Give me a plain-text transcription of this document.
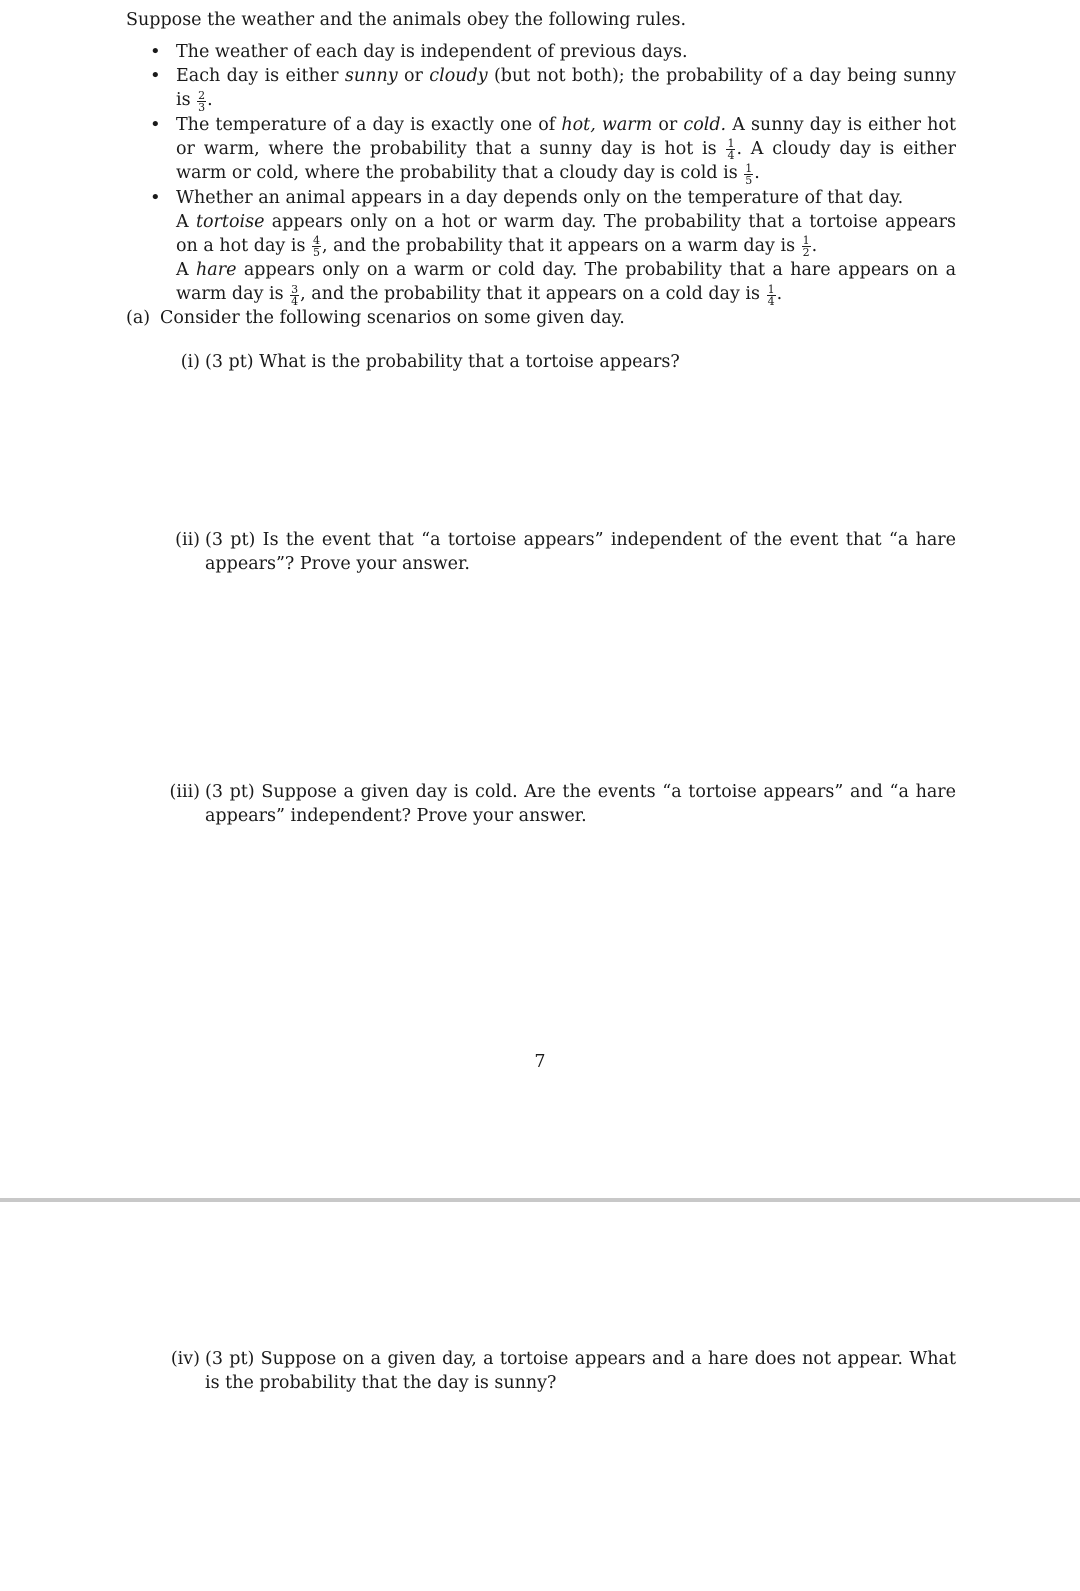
Suppose the weather and the animals obey the following rules.

• The weather of each day is independent of previous days.
• Each day is either sunny or cloudy (but not both); the probability of a day being sunny is $\frac{2}{3}$ .
• The temperature of a day is exactly one of hot, warm or cold. A sunny day is either hot or warm, where the probability that a sunny day is hot is $\frac{1}{4}$ . A cloudy day is either warm or cold, where the probability that a cloudy day is cold is $\frac{1}{5}$ .

• Whether an animal appears in a day depends only on the temperature of that day.

A tortoise appears only on a hot or warm day. The probability that a tortoise appears on a hot day is $\frac{4}{5}$ , and the probability that it appears on a warm day is $\frac{1}{2}$ .

A hare appears only on a warm or cold day. The probability that a hare appears on a warm day is $\frac{3}{4}$ , and the probability that it appears on a cold day is $\frac{1}{4}$ .

(a) Consider the following scenarios on some given day.

(i) (3 pt) What is the probability that a tortoise appears?
(ii) (3 pt) Is the event that “a tortoise appears” independent of the event that “a hare appears”? Prove your answer.
(iii) (3 pt) Suppose a given day is cold. Are the events “a tortoise appears” and “a hare appears” independent? Prove your answer.

7

(iv) (3 pt) Suppose on a given day, a tortoise appears and a hare does not appear. What is the probability that the day is sunny?
